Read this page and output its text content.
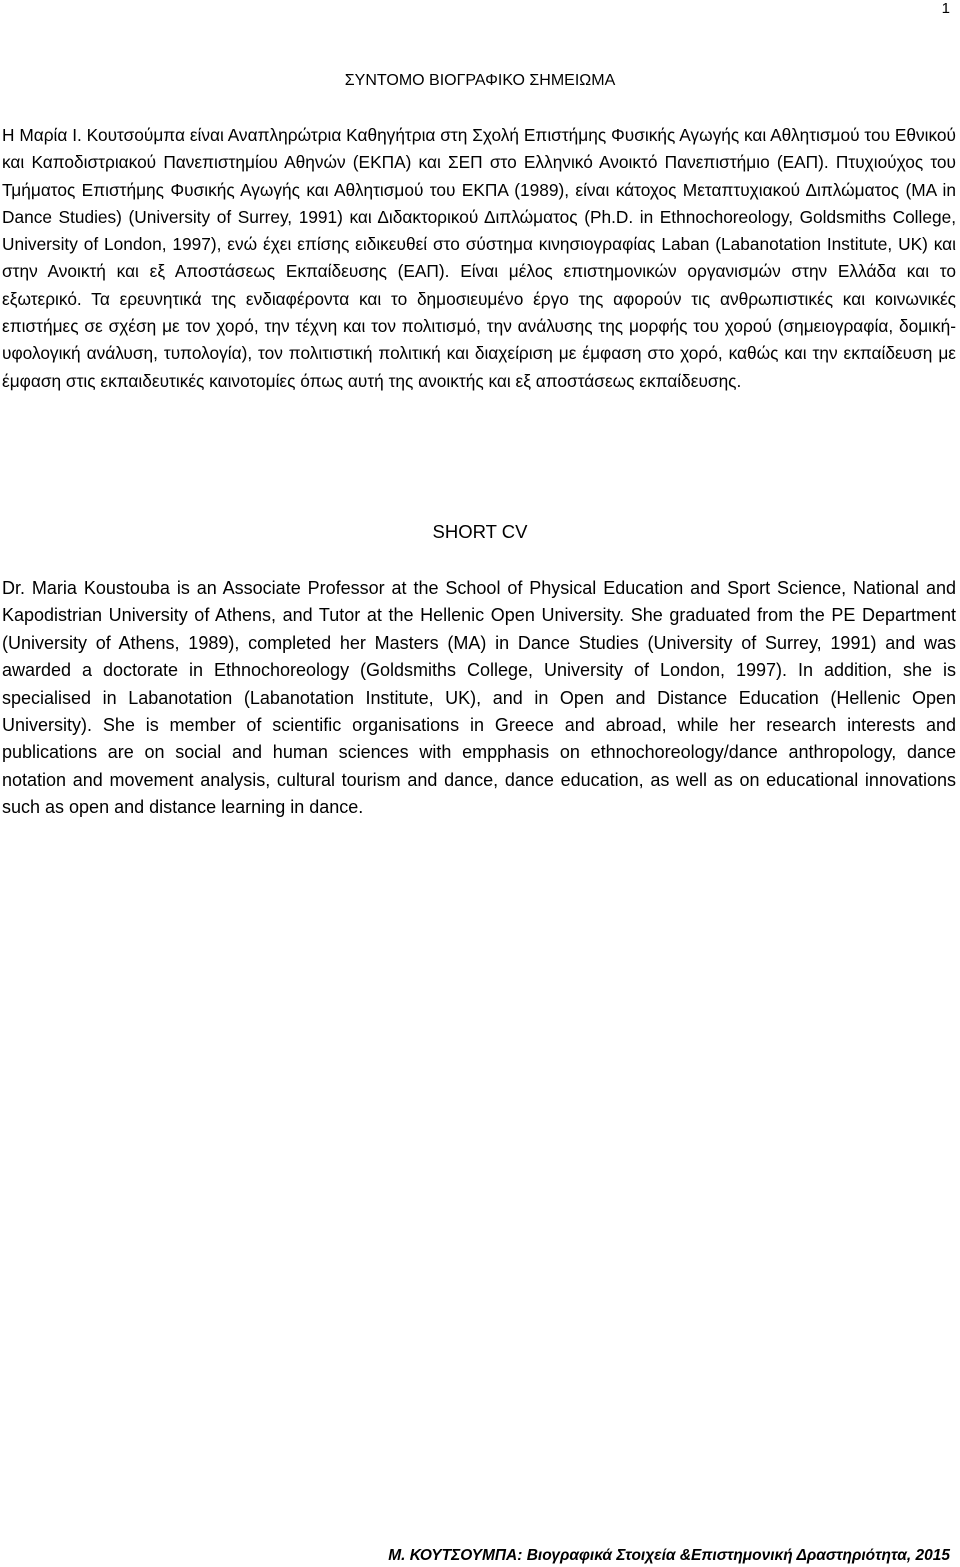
1
ΣΥΝΤΟΜΟ ΒΙΟΓΡΑΦΙΚΟ ΣΗΜΕΙΩΜΑ

Η Μαρία Ι. Κουτσούμπα είναι Αναπληρώτρια Καθηγήτρια στη Σχολή Επιστήμης Φυσικής Αγωγής και Αθλητισμού του Εθνικού και Καποδιστριακού Πανεπιστημίου Αθηνών (ΕΚΠΑ) και ΣΕΠ στο Ελληνικό Ανοικτό Πανεπιστήμιο (ΕΑΠ). Πτυχιούχος του Τμήματος Επιστήμης Φυσικής Αγωγής και Αθλητισμού του ΕΚΠΑ (1989), είναι κάτοχος Μεταπτυχιακού Διπλώματος (MA in Dance Studies) (University of Surrey, 1991) και Διδακτορικού Διπλώματος (Ph.D. in Ethnochoreology, Goldsmiths College, University of London, 1997), ενώ έχει επίσης ειδικευθεί στο σύστημα κινησιογραφίας Laban (Labanotation Institute, UK) και στην Ανοικτή και εξ Αποστάσεως Εκπαίδευσης (ΕΑΠ). Είναι μέλος επιστημονικών οργανισμών στην Ελλάδα και το εξωτερικό. Τα ερευνητικά της ενδιαφέροντα και το δημοσιευμένο έργο της αφορούν τις ανθρωπιστικές και κοινωνικές επιστήμες σε σχέση με τον χορό, την τέχνη και τον πολιτισμό, την ανάλυσης της μορφής του χορού (σημειογραφία, δομική-υφολογική ανάλυση, τυπολογία), τον πολιτιστική πολιτική και διαχείριση με έμφαση στο χορό, καθώς και την εκπαίδευση με έμφαση στις εκπαιδευτικές καινοτομίες όπως αυτή της ανοικτής και εξ αποστάσεως εκπαίδευσης.

SHORT CV

Dr. Maria Koustouba is an Associate Professor at the School of Physical Education and Sport Science, National and Kapodistrian University of Athens, and Tutor at the Hellenic Open University. She graduated from the PE Department (University of Athens, 1989), completed her Masters (MA) in Dance Studies (University of Surrey, 1991) and was awarded a doctorate in Ethnochoreology (Goldsmiths College, University of London, 1997). In addition, she is specialised in Labanotation (Labanotation Institute, UK), and in Open and Distance Education (Hellenic Open University). She is member of scientific organisations in Greece and abroad, while her research interests and publications are on social and human sciences with empphasis on ethnochoreology/dance anthropology, dance notation and movement analysis, cultural tourism and dance, dance education, as well as on educational innovations such as open and distance learning in dance.

Μ. ΚΟΥΤΣΟΥΜΠΑ: Βιογραφικά Στοιχεία &Επιστημονική Δραστηριότητα, 2015
